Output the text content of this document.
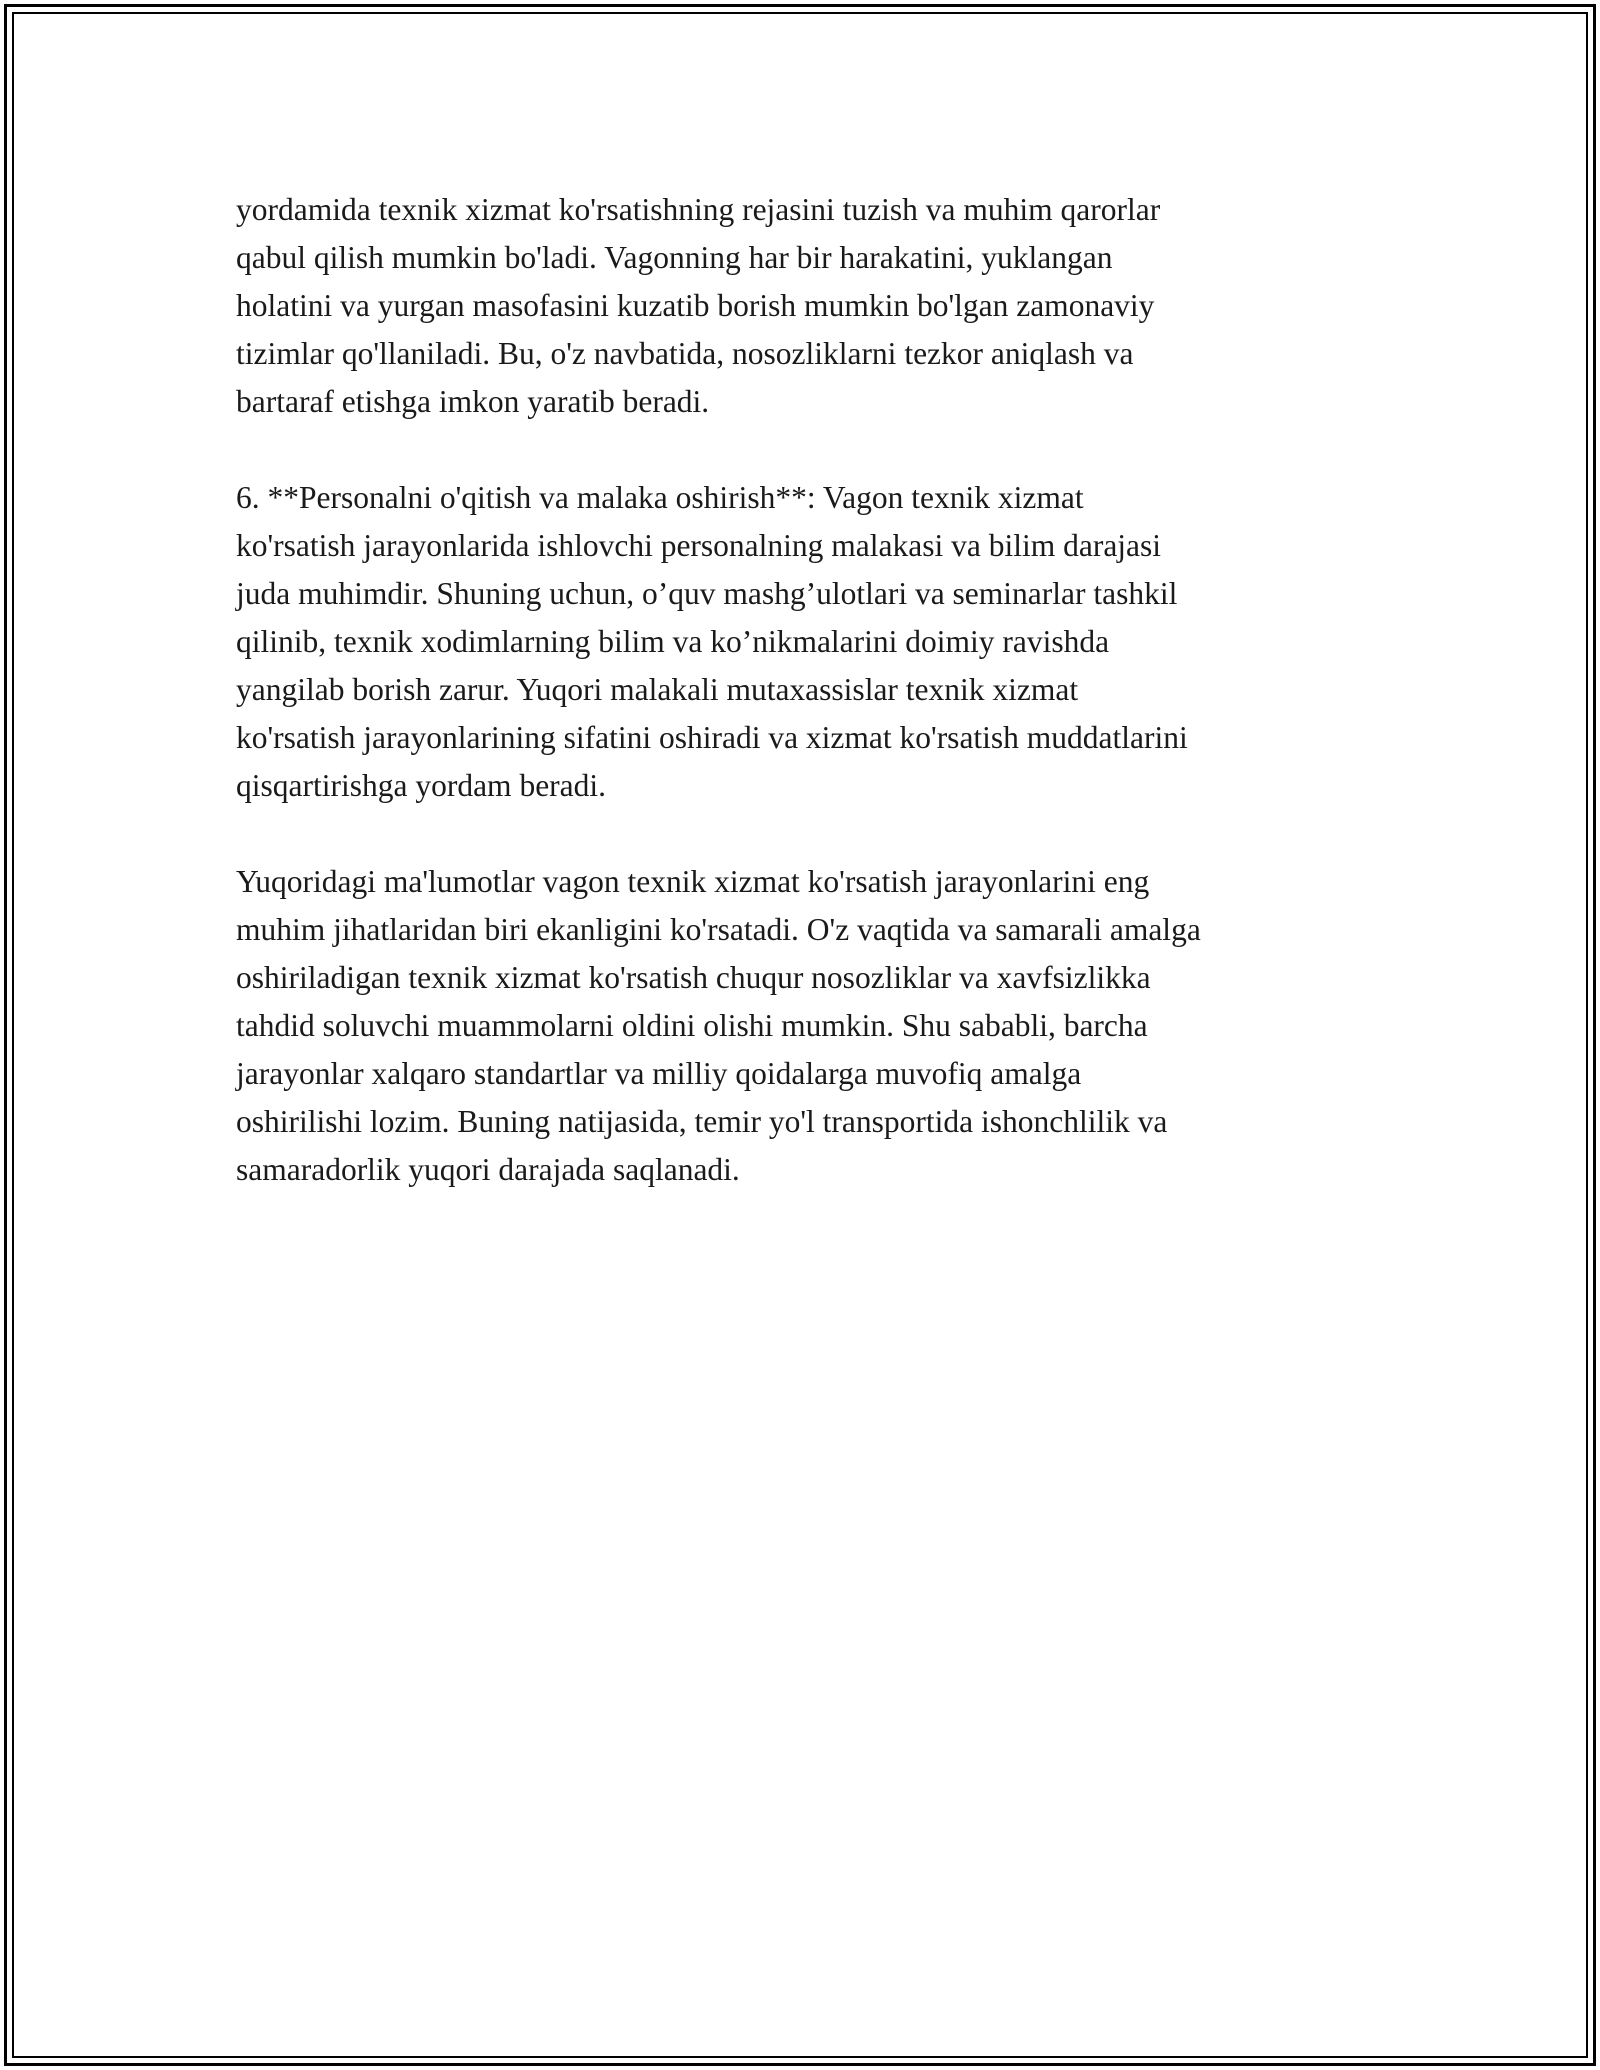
yordamida texnik xizmat ko'rsatishning rejasini tuzish va muhim qarorlar
qabul qilish mumkin bo'ladi. Vagonning har bir harakatini, yuklangan
holatini va yurgan masofasini kuzatib borish mumkin bo'lgan zamonaviy
tizimlar qo'llaniladi. Bu, o'z navbatida, nosozliklarni tezkor aniqlash va
bartaraf etishga imkon yaratib beradi.

6. **Personalni o'qitish va malaka oshirish**: Vagon texnik xizmat
ko'rsatish jarayonlarida ishlovchi personalning malakasi va bilim darajasi
juda muhimdir. Shuning uchun, o’quv mashg’ulotlari va seminarlar tashkil
qilinib, texnik xodimlarning bilim va ko’nikmalarini doimiy ravishda
yangilab borish zarur. Yuqori malakali mutaxassislar texnik xizmat
ko'rsatish jarayonlarining sifatini oshiradi va xizmat ko'rsatish muddatlarini
qisqartirishga yordam beradi.

Yuqoridagi ma'lumotlar vagon texnik xizmat ko'rsatish jarayonlarini eng
muhim jihatlaridan biri ekanligini ko'rsatadi. O'z vaqtida va samarali amalga
oshiriladigan texnik xizmat ko'rsatish chuqur nosozliklar va xavfsizlikka
tahdid soluvchi muammolarni oldini olishi mumkin. Shu sababli, barcha
jarayonlar xalqaro standartlar va milliy qoidalarga muvofiq amalga
oshirilishi lozim. Buning natijasida, temir yo'l transportida ishonchlilik va
samaradorlik yuqori darajada saqlanadi.
